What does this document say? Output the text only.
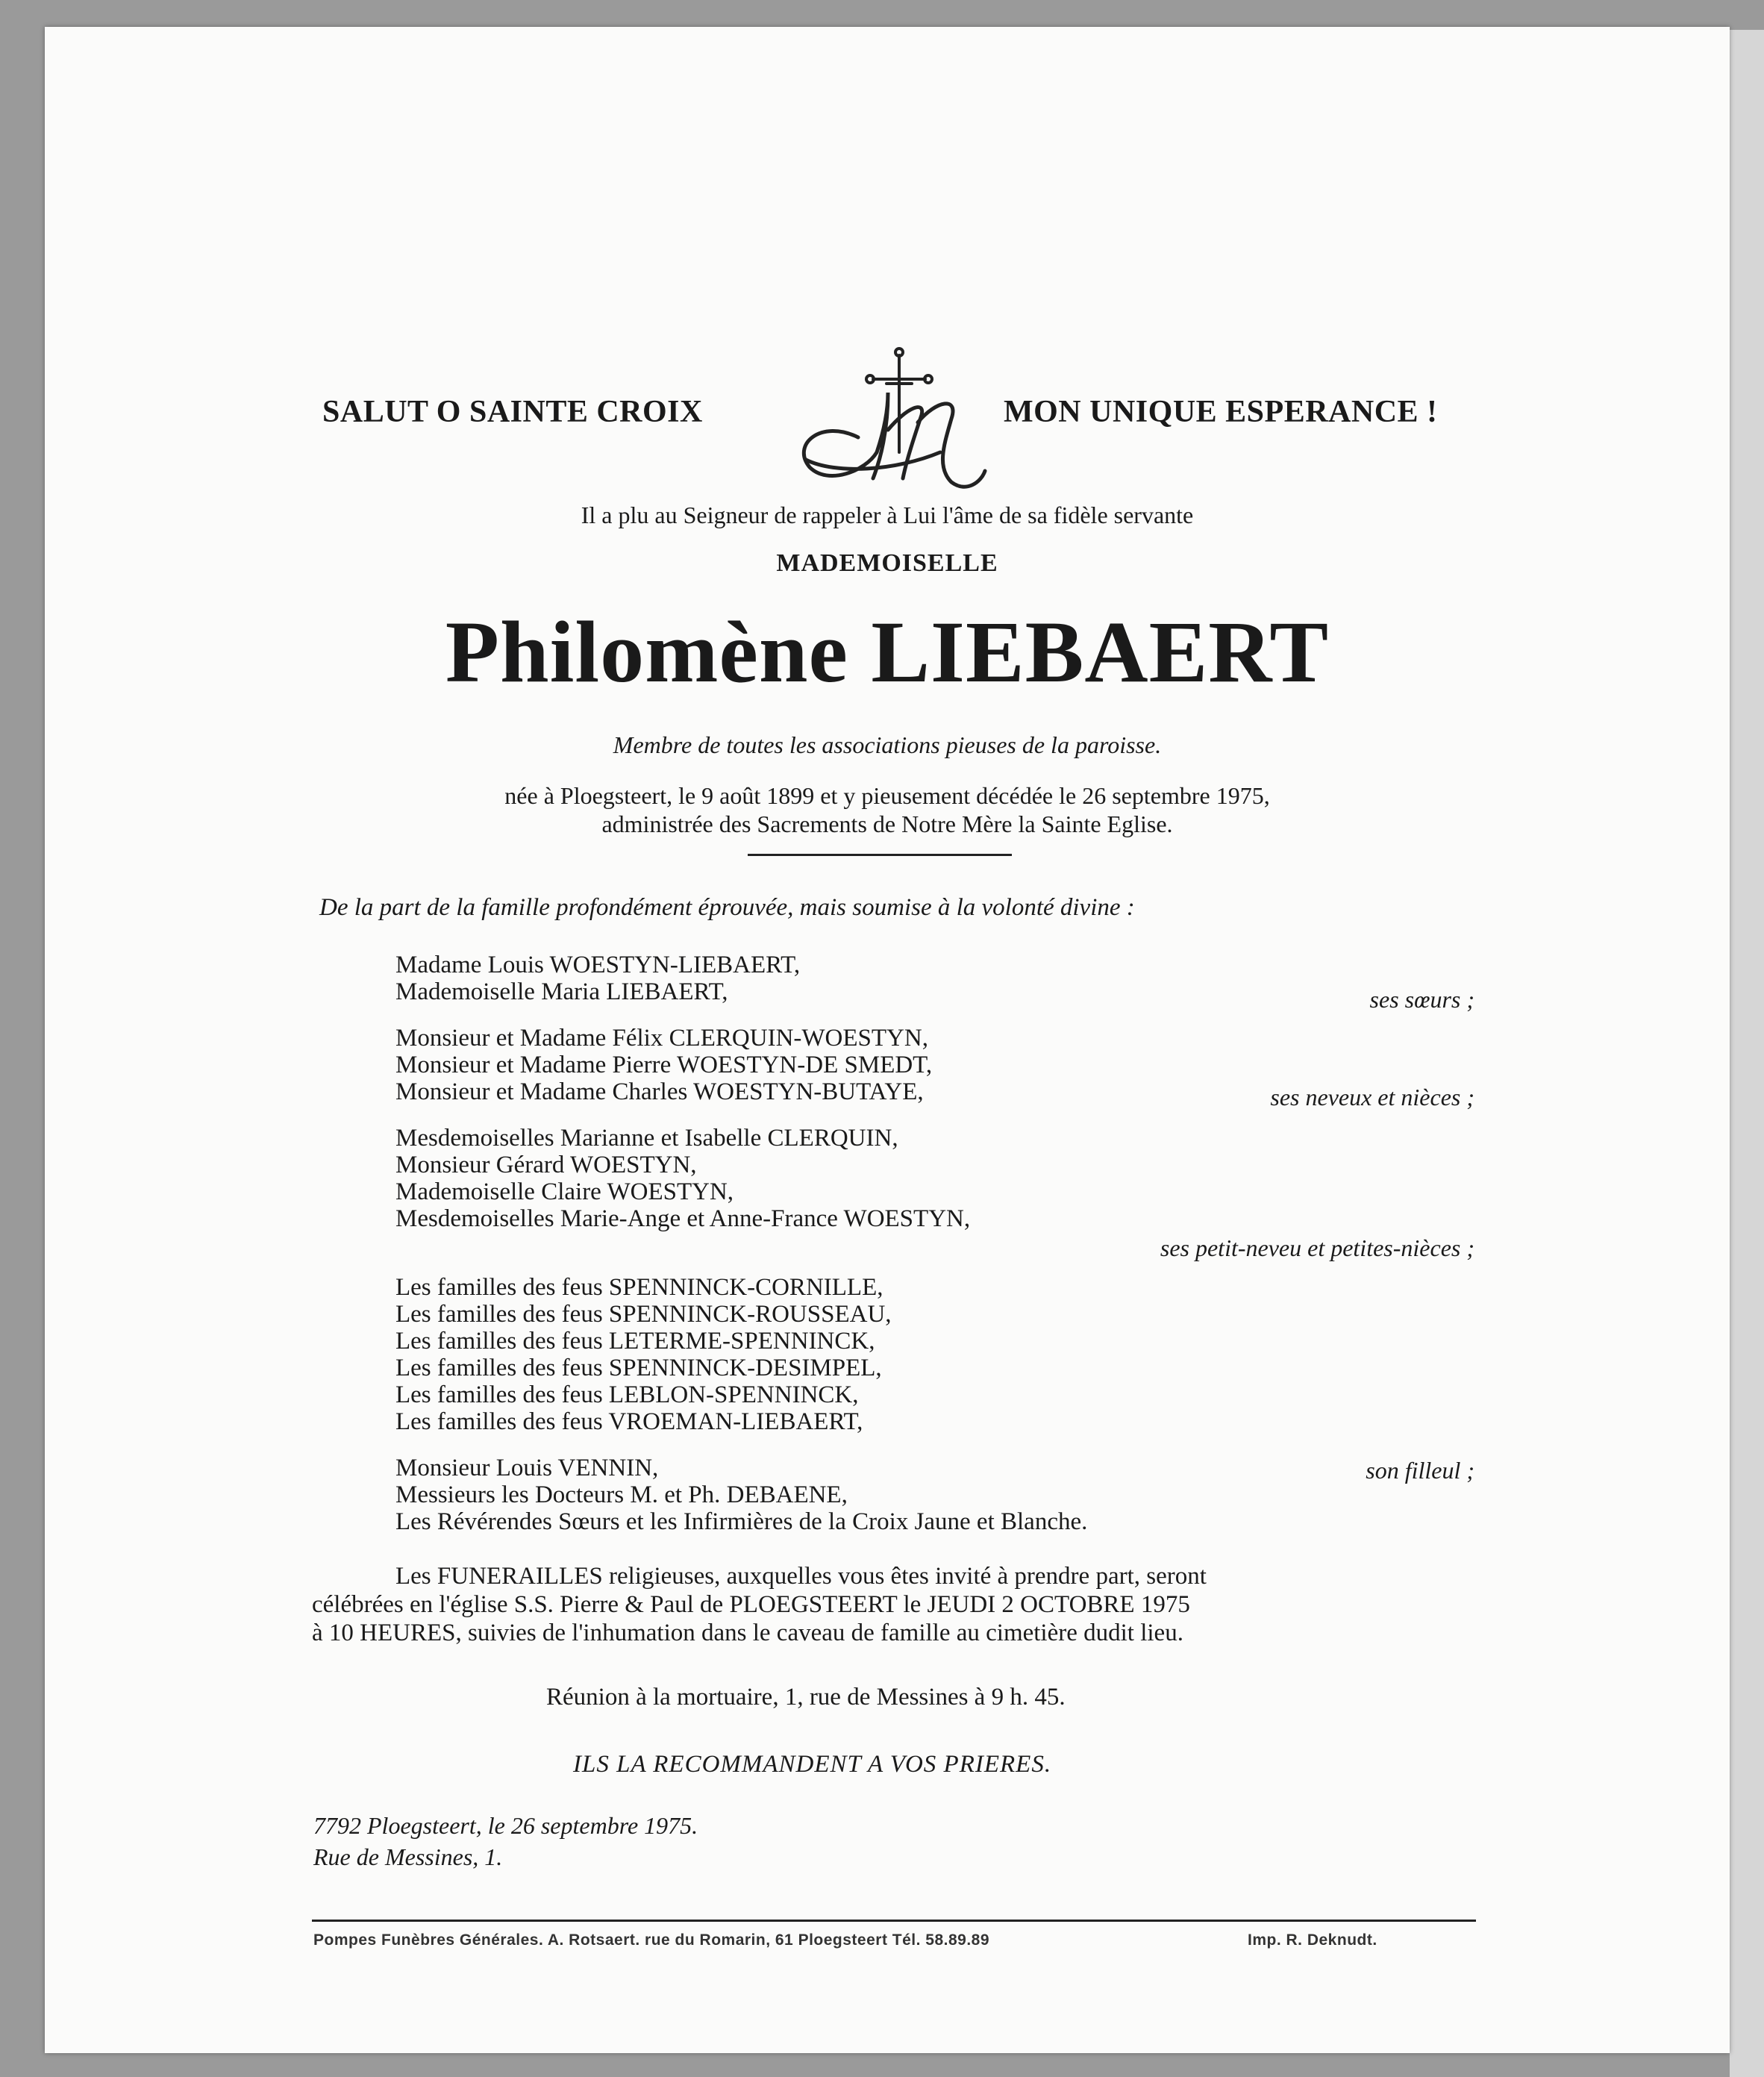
SALUT O SAINTE CROIX	MON UNIQUE ESPERANCE !
Il a plu au Seigneur de rappeler à Lui l'âme de sa fidèle servante
MADEMOISELLE
Philomène LIEBAERT
Membre de toutes les associations pieuses de la paroisse.
née à Ploegsteert, le 9 août 1899 et y pieusement décédée le 26 septembre 1975,
administrée des Sacrements de Notre Mère la Sainte Eglise.
De la part de la famille profondément éprouvée, mais soumise à la volonté divine :
Madame Louis WOESTYN-LIEBAERT,
Mademoiselle Maria LIEBAERT,	ses sœurs ;
Monsieur et Madame Félix CLERQUIN-WOESTYN,
Monsieur et Madame Pierre WOESTYN-DE SMEDT,
Monsieur et Madame Charles WOESTYN-BUTAYE,	ses neveux et nièces ;
Mesdemoiselles Marianne et Isabelle CLERQUIN,
Monsieur Gérard WOESTYN,
Mademoiselle Claire WOESTYN,
Mesdemoiselles Marie-Ange et Anne-France WOESTYN,
ses petit-neveu et petites-nièces ;
Les familles des feus SPENNINCK-CORNILLE,
Les familles des feus SPENNINCK-ROUSSEAU,
Les familles des feus LETERME-SPENNINCK,
Les familles des feus SPENNINCK-DESIMPEL,
Les familles des feus LEBLON-SPENNINCK,
Les familles des feus VROEMAN-LIEBAERT,
Monsieur Louis VENNIN,	son filleul ;
Messieurs les Docteurs M. et Ph. DEBAENE,
Les Révérendes Sœurs et les Infirmières de la Croix Jaune et Blanche.
Les FUNERAILLES religieuses, auxquelles vous êtes invité à prendre part, seront
célébrées en l'église S.S. Pierre & Paul de PLOEGSTEERT le JEUDI 2 OCTOBRE 1975
à 10 HEURES, suivies de l'inhumation dans le caveau de famille au cimetière dudit lieu.
Réunion à la mortuaire, 1, rue de Messines à 9 h. 45.
ILS LA RECOMMANDENT A VOS PRIERES.
7792 Ploegsteert, le 26 septembre 1975.
Rue de Messines, 1.
Pompes Funèbres Générales. A. Rotsaert. rue du Romarin, 61 Ploegsteert Tél. 58.89.89	Imp. R. Deknudt.
